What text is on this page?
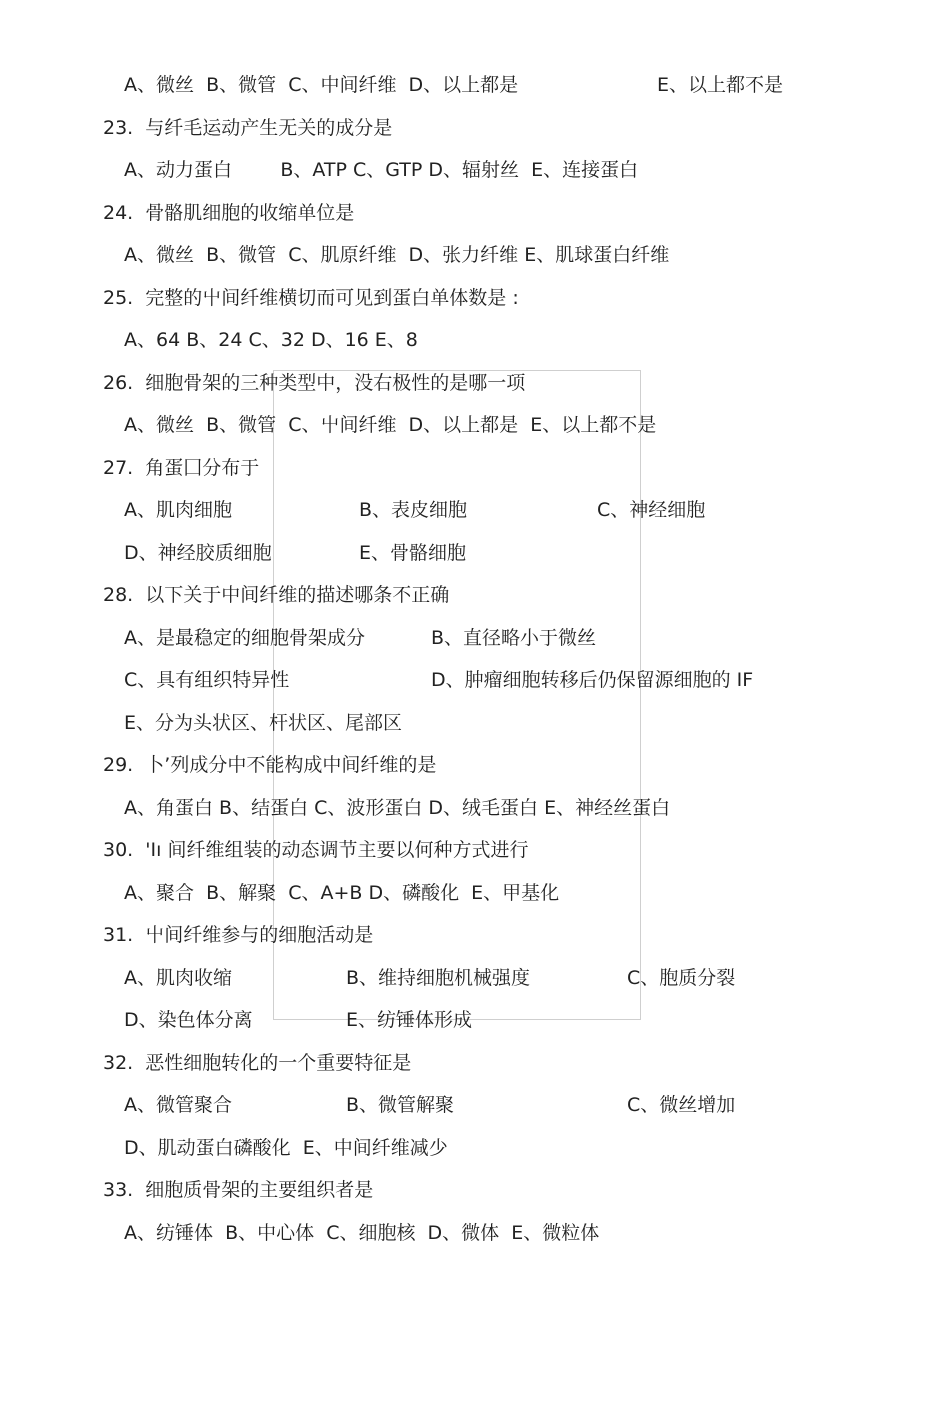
A、微丝  B、微管  C、中间纤维  D、以上都是	E、以上都不是
23.  与纤毛运动产生无关的成分是
A、动力蛋白        B、ATP C、GTP D、辐射丝  E、连接蛋白
24.  骨骼肌细胞的收缩单位是
A、微丝  B、微管  C、肌原纤维  D、张力纤维 E、肌球蛋白纤维
25.  完整的屮间纤维横切而可见到蛋白单体数是 :
A、64 B、24 C、32 D、16 E、8
26.  细胞骨架的三种类型中，没右极性的是哪一项
A、微丝  B、微管  C、屮间纤维  D、以上都是  E、以上都不是
27.  角蛋囗分布于
A、肌肉细胞	B、表皮细胞	C、神经细胞
D、神经胶质细胞	E、骨骼细胞
28.  以下关于中间纤维的描述哪条不正确
A、是最稳定的细胞骨架成分	B、直径略小于微丝
C、具有组织特异性	D、肿瘤细胞转移后仍保留源细胞的 IF
E、分为头状区、杆状区、尾部区
29.  卜’列成分中不能构成中间纤维的是
A、角蛋白 B、结蛋白 C、波形蛋白 D、绒毛蛋白 E、神经丝蛋白
30.  'Iı 间纤维组装的动态调节主要以何种方式进行
A、聚合  B、解聚  C、A+B D、磷酸化  E、甲基化
31.  屮间纤维参与的细胞活动是
A、肌肉收缩	B、维持细胞机械强度	C、胞质分裂
D、染色体分离	E、纺锤体形成
32.  恶性细胞转化的一个重要特征是
A、微管聚合	B、微管解聚	C、微丝增加
D、肌动蛋白磷酸化  E、中间纤维减少
33.  细胞质骨架的主要组织者是
A、纺锤体  B、中心体  C、细胞核  D、微体  E、微粒体
